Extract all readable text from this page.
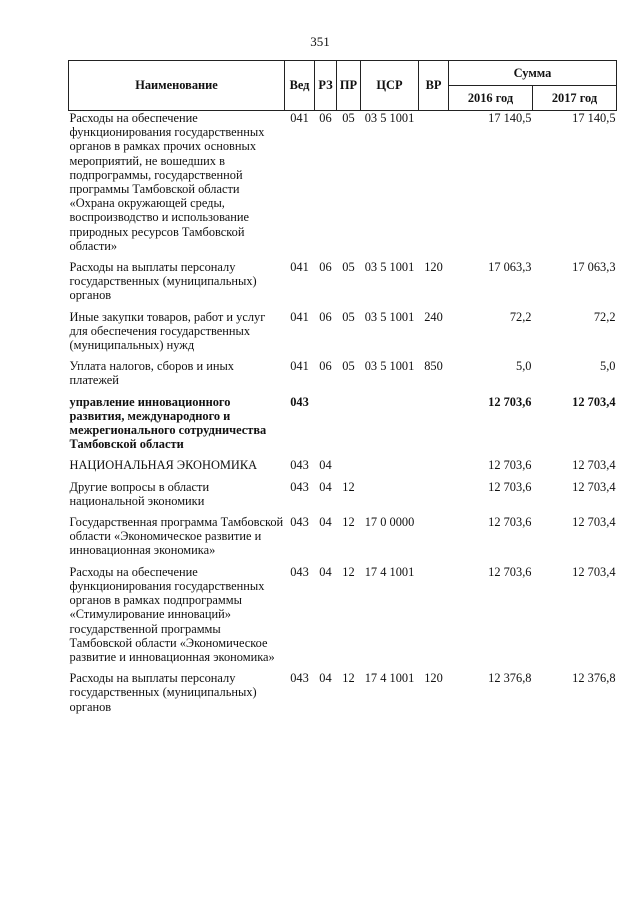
351
Наименование	Вед	РЗ	ПР	ЦСР	ВР	Сумма	
						2016 год	2017 год
Расходы на обеспечение функционирования государственных органов в рамках прочих основных мероприятий, не вошедших в подпрограммы, государственной программы Тамбовской области «Охрана окружающей среды, воспроизводство и использование природных ресурсов Тамбовской области»	041	06	05	03 5 1001		17 140,5	17 140,5
Расходы на выплаты персоналу государственных (муниципальных) органов	041	06	05	03 5 1001	120	17 063,3	17 063,3
Иные закупки товаров, работ и услуг для обеспечения государственных (муниципальных) нужд	041	06	05	03 5 1001	240	72,2	72,2
Уплата налогов, сборов и иных платежей	041	06	05	03 5 1001	850	5,0	5,0
управление инновационного развития, международного и межрегионального сотрудничества Тамбовской области	043					12 703,6	12 703,4
НАЦИОНАЛЬНАЯ ЭКОНОМИКА	043	04				12 703,6	12 703,4
Другие вопросы в области национальной экономики	043	04	12			12 703,6	12 703,4
Государственная программа Тамбовской области «Экономическое развитие и инновационная экономика»	043	04	12	17 0 0000		12 703,6	12 703,4
Расходы на обеспечение функционирования государственных органов в рамках подпрограммы «Стимулирование инноваций» государственной программы Тамбовской области «Экономическое развитие и инновационная экономика»	043	04	12	17 4 1001		12 703,6	12 703,4
Расходы на выплаты персоналу государственных (муниципальных) органов	043	04	12	17 4 1001	120	12 376,8	12 376,8
